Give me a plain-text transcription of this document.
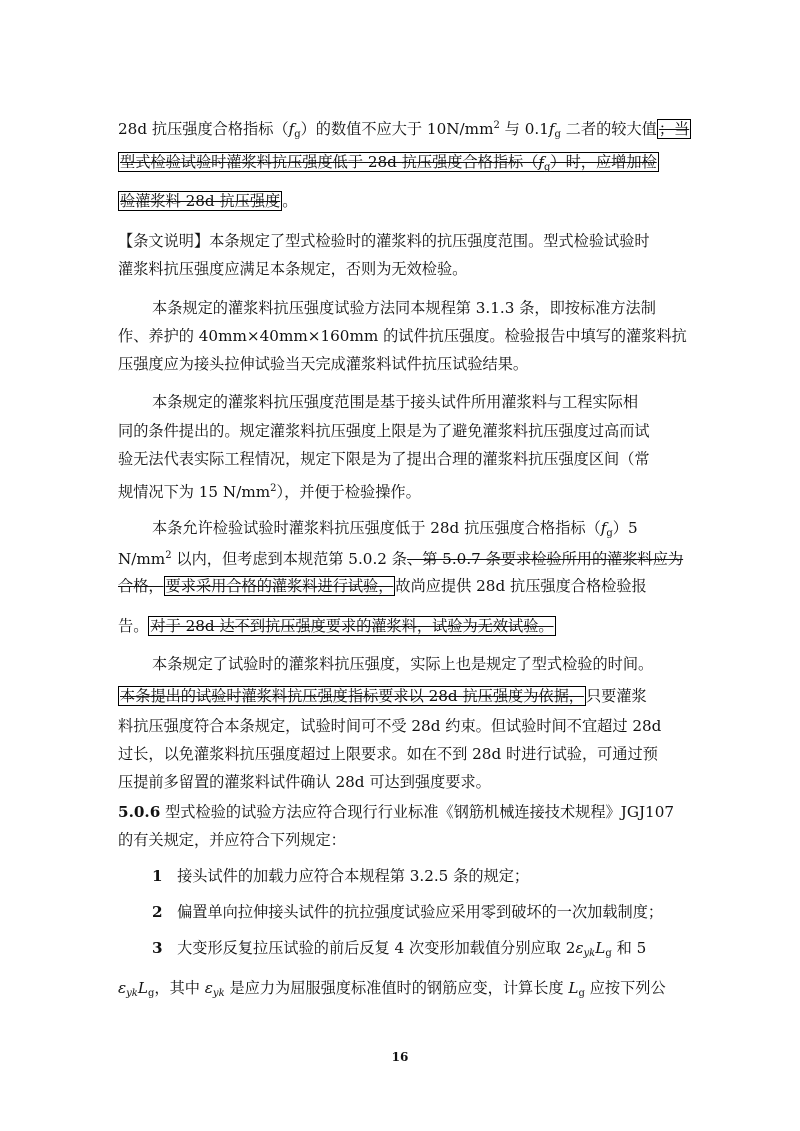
28d 抗压强度合格指标$(f_g)$的数值不应大于 $10N/mm^2$ 与 $0.1f_g$ 二者的较大值 ；当
型式检验试验时灌浆料抗压强度低于 28d 抗压强度合格指标$(f_g)$时，应增加检
验灌浆料 28d 抗压强度 。
【条文说明】本条规定了型式检验时的灌浆料的抗压强度范围。型式检验试验时
灌浆料抗压强度应满足本条规定，否则为无效检验。
本条规定的灌浆料抗压强度试验方法同本规程第 3.1.3 条，即按标准方法制
作、养护的 40mm×40mm×160mm 的试件抗压强度。检验报告中填写的灌浆料抗
压强度应为接头拉伸试验当天完成灌浆料试件抗压试验结果。
本条规定的灌浆料抗压强度范围是基于接头试件所用灌浆料与工程实际相
同的条件提出的。规定灌浆料抗压强度上限是为了避免灌浆料抗压强度过高而试
验无法代表实际工程情况，规定下限是为了提出合理的灌浆料抗压强度区间（常
规情况下为 15 $N/mm^2$），并便于检验操作。
本条允许检验试验时灌浆料抗压强度低于 28d 抗压强度合格指标$(f_g)5$
$N/mm^2$ 以内，但考虑到本规范第 5.0.2 条、第 5.0.7 条要求检验所用的灌浆料应为
合格， 要求采用合格的灌浆料进行试验， 故尚应提供 28d 抗压强度合格检验报
告。 对于 28d 达不到抗压强度要求的灌浆料，试验为无效试验。
本条规定了试验时的灌浆料抗压强度，实际上也是规定了型式检验的时间。
本条提出的试验时灌浆料抗压强度指标要求以 28d 抗压强度为依据， 只要灌浆
料抗压强度符合本条规定，试验时间可不受 28d 约束。但试验时间不宜超过 28d
过长，以免灌浆料抗压强度超过上限要求。如在不到 28d 时进行试验，可通过预
压提前多留置的灌浆料试件确认 28d 可达到强度要求。
5.0.6 型式检验的试验方法应符合现行行业标准《钢筋机械连接技术规程》JGJ107
的有关规定，并应符合下列规定：
1 接头试件的加载力应符合本规程第 3.2.5 条的规定；
2 偏置单向拉伸接头试件的抗拉强度试验应采用零到破坏的一次加载制度；
3 大变形反复拉压试验的前后反复 4 次变形加载值分别应取 $2\varepsilon_{yk}L_g$ 和 5
$\varepsilon_{yk}L_g$，其中 $\varepsilon_{yk}$ 是应力为屈服强度标准值时的钢筋应变，计算长度 $L_g$ 应按下列公
16
